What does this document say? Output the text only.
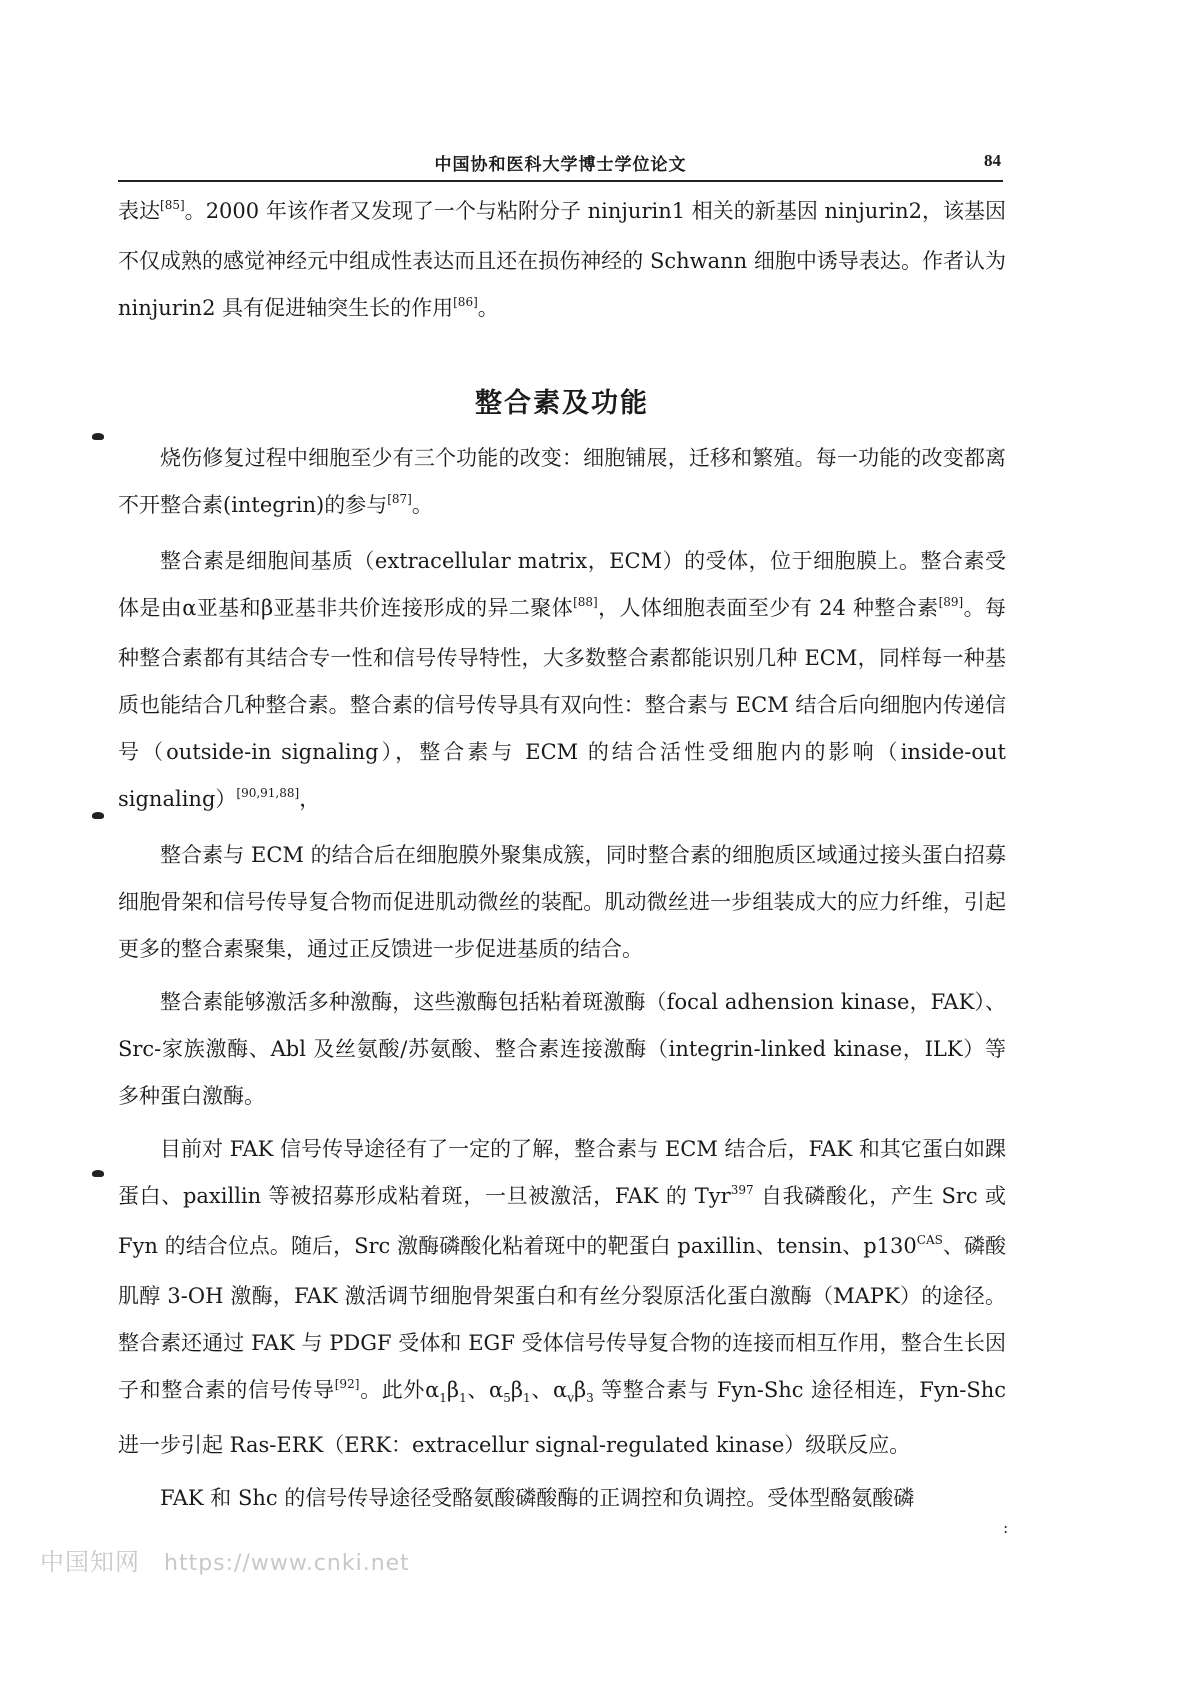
中国协和医科大学博士学位论文	84

表达[85]。2000 年该作者又发现了一个与粘附分子 ninjurin1 相关的新基因 ninjurin2，该基因不仅成熟的感觉神经元中组成性表达而且还在损伤神经的 Schwann 细胞中诱导表达。作者认为 ninjurin2 具有促进轴突生长的作用[86]。

整合素及功能

烧伤修复过程中细胞至少有三个功能的改变：细胞铺展，迁移和繁殖。每一功能的改变都离不开整合素(integrin)的参与[87]。

整合素是细胞间基质（extracellular matrix，ECM）的受体，位于细胞膜上。整合素受体是由α亚基和β亚基非共价连接形成的异二聚体[88]，人体细胞表面至少有 24 种整合素[89]。每种整合素都有其结合专一性和信号传导特性，大多数整合素都能识别几种 ECM，同样每一种基质也能结合几种整合素。整合素的信号传导具有双向性：整合素与 ECM 结合后向细胞内传递信号（outside-in signaling），整合素与 ECM 的结合活性受细胞内的影响（inside-out signaling）[90,91,88]，

整合素与 ECM 的结合后在细胞膜外聚集成簇，同时整合素的细胞质区域通过接头蛋白招募细胞骨架和信号传导复合物而促进肌动微丝的装配。肌动微丝进一步组装成大的应力纤维，引起更多的整合素聚集，通过正反馈进一步促进基质的结合。

整合素能够激活多种激酶，这些激酶包括粘着斑激酶（focal adhension kinase，FAK）、Src-家族激酶、Abl 及丝氨酸/苏氨酸、整合素连接激酶（integrin-linked kinase，ILK）等多种蛋白激酶。

目前对 FAK 信号传导途径有了一定的了解，整合素与 ECM 结合后，FAK 和其它蛋白如踝蛋白、paxillin 等被招募形成粘着斑，一旦被激活，FAK 的 Tyr$^{397}$ 自我磷酸化，产生 Src 或 Fyn 的结合位点。随后，Src 激酶磷酸化粘着斑中的靶蛋白 paxillin、tensin、$p130^{CAS}$、磷酸肌醇 3-OH 激酶，FAK 激活调节细胞骨架蛋白和有丝分裂原活化蛋白激酶（MAPK）的途径。整合素还通过 FAK 与 PDGF 受体和 EGF 受体信号传导复合物的连接而相互作用，整合生长因子和整合素的信号传导[92]。此外$\alpha_1\beta_1$、$\alpha_5\beta_1$、$\alpha_v\beta_3$ 等整合素与 Fyn-Shc 途径相连，Fyn-Shc 进一步引起 Ras-ERK（ERK：extracellur signal-regulated kinase）级联反应。

FAK 和 Shc 的信号传导途径受酪氨酸磷酸酶的正调控和负调控。受体型酪氨酸磷

:
中国知网 https://www.cnki.net
